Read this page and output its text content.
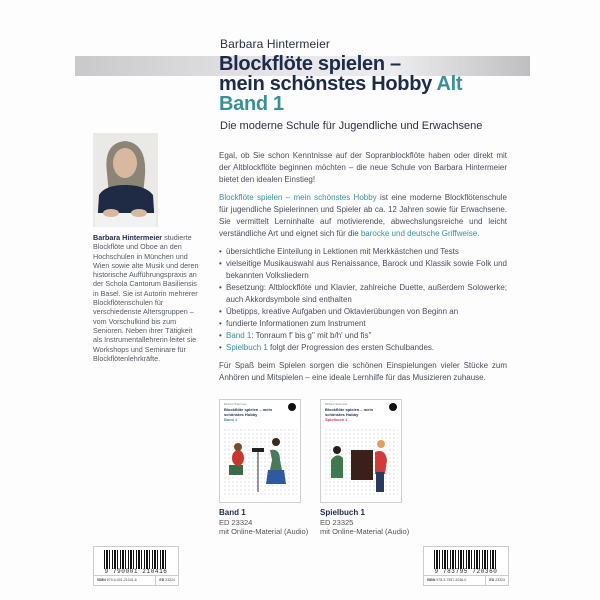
Barbara Hintermeier
Blockflöte spielen –
mein schönstes Hobby Alt
Band 1
Die moderne Schule für Jugendliche und Erwachsene
Barbara Hintermeier studierte Blockflöte und Oboe an den Hochschulen in München und Wien sowie alte Musik und deren historische Aufführungspraxis an der Schola Cantorum Basiliensis in Basel. Sie ist Autorin mehrerer Blockflötenschulen für verschiedenste Altersgruppen – vom Vorschulkind bis zum Senioren. Neben ihrer Tätigkeit als Instrumentallehrerin leitet sie Workshops und Seminare für Blockflötenlehrkräfte.

Egal, ob Sie schon Kenntnisse auf der Sopranblockflöte haben oder direkt mit der Altblockflöte beginnen möchten – die neue Schule von Barbara Hintermeier bietet den idealen Einstieg!

Blockflöte spielen – mein schönstes Hobby ist eine moderne Blockflötenschule für jugendliche Spielerinnen und Spieler ab ca. 12 Jahren sowie für Erwachsene. Sie vermittelt Lerninhalte auf motivierende, abwechslungsreiche und leicht verständliche Art und eignet sich für die barocke und deutsche Griffweise.

• übersichtliche Einteilung in Lektionen mit Merkkästchen und Tests
• vielseitige Musikauswahl aus Renaissance, Barock und Klassik sowie Folk und bekannten Volksliedern
• Besetzung: Altblockflöte und Klavier, zahlreiche Duette, außerdem Solowerke; auch Akkordsymbole sind enthalten
• Übetipps, kreative Aufgaben und Oktavierübungen von Beginn an
• fundierte Informationen zum Instrument
• Band 1: Tonraum f' bis g'' mit b/h' und fis''
• Spielbuch 1 folgt der Progression des ersten Schulbandes.

Für Spaß beim Spielen sorgen die schönen Einspielungen vieler Stücke zum Anhören und Mitspielen – eine ideale Lernhilfe für das Musizieren zuhause.

Barbara Hintermeier
Blockflöte spielen – mein schönstes Hobby
Band 1
Barbara Hintermeier
Blockflöte spielen – mein schönstes Hobby
Spielbuch 1
Band 1
ED 23324
mit Online-Material (Audio)
Spielbuch 1
ED 23325
mit Online-Material (Audio)
9 790001 210416
ISMN 979-0-001-21041-6	ED 23324
9 783795 720360
ISBN 978-3-7957-2036-0	ED 23324
